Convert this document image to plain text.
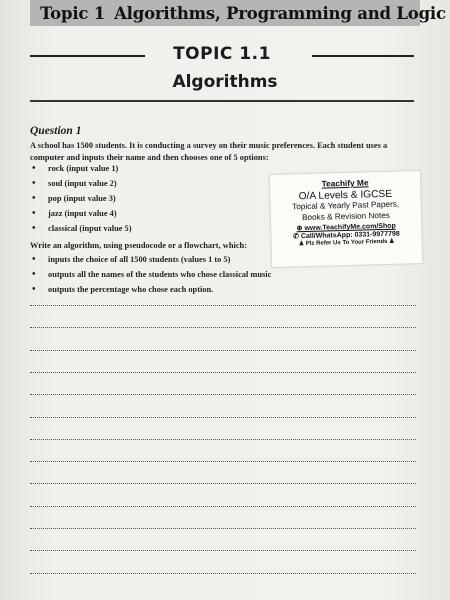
Topic 1 Algorithms, Programming and Logic
TOPIC 1.1
Algorithms
Question 1
A school has 1500 students. It is conducting a survey on their music preferences. Each student uses a computer and inputs their name and then chooses one of 5 options:
• rock (input value 1)
• soul (input value 2)
• pop (input value 3)
• jazz (input value 4)
• classical (input value 5)
Write an algorithm, using pseudocode or a flowchart, which:
• inputs the choice of all 1500 students (values 1 to 5)
• outputs all the names of the students who chose classical music
• outputs the percentage who chose each option.
Teachify Me
O/A Levels & IGCSE
Topical & Yearly Past Papers,
Books & Revision Notes
⊕ www.TeachifyMe.com/Shop
✆ Call/WhatsApp: 0331-9977798
♟ Plz Refer Us To Your Friends ♟
